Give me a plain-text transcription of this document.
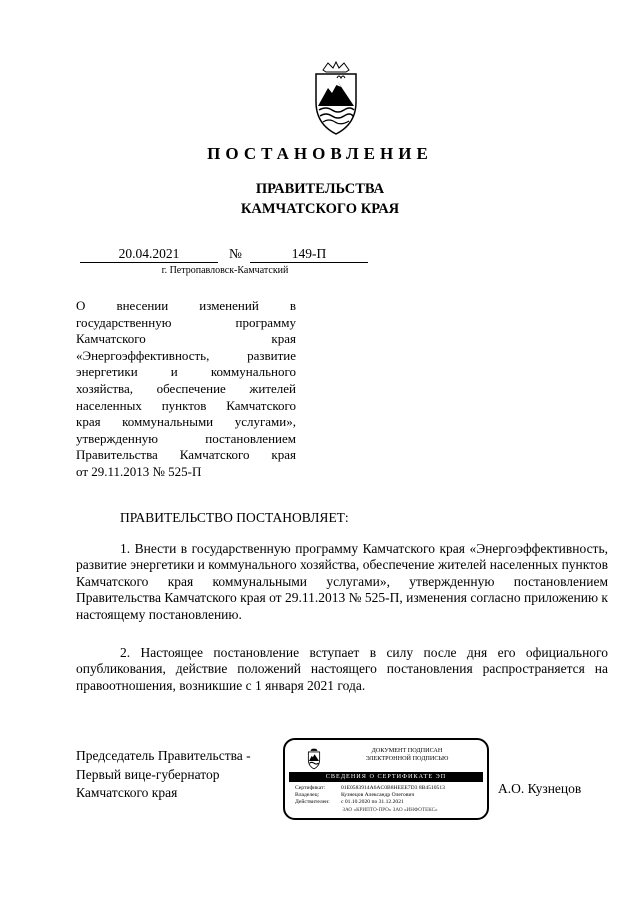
ПОСТАНОВЛЕНИЕ
ПРАВИТЕЛЬСТВА
КАМЧАТСКОГО КРАЯ
20.04.2021	№	149-П
г. Петропавловск-Камчатский
О внесении изменений в
государственную программу
Камчатского края
«Энергоэффективность, развитие
энергетики и коммунального
хозяйства, обеспечение жителей
населенных пунктов Камчатского
края коммунальными услугами»,
утвержденную постановлением
Правительства Камчатского края
от 29.11.2013 № 525-П
ПРАВИТЕЛЬСТВО ПОСТАНОВЛЯЕТ:
1. Внести в государственную программу Камчатского края «Энергоэффективность, развитие энергетики и коммунального хозяйства, обеспечение жителей населенных пунктов Камчатского края коммунальными услугами», утвержденную постановлением Правительства Камчатского края от 29.11.2013 № 525-П, изменения согласно приложению к настоящему постановлению.
2. Настоящее постановление вступает в силу после дня его официального опубликования, действие положений настоящего постановления распространяется на правоотношения, возникшие с 1 января 2021 года.
Председатель Правительства -
Первый вице-губернатор
Камчатского края
ДОКУМЕНТ ПОДПИСАН
ЭЛЕКТРОННОЙ ПОДПИСЬЮ
СВЕДЕНИЯ О СЕРТИФИКАТЕ ЭП
Сертификат:	01E0583914A6AC0B8HEEE7D3 8B4510513
Владелец:	Кузнецов Александр Олегович
Действителен: с 01.10.2020 по 31.12.2021
ЗАО «КРИПТО-ПРО» ЗАО «ИНФОТЕКС»
А.О. Кузнецов
